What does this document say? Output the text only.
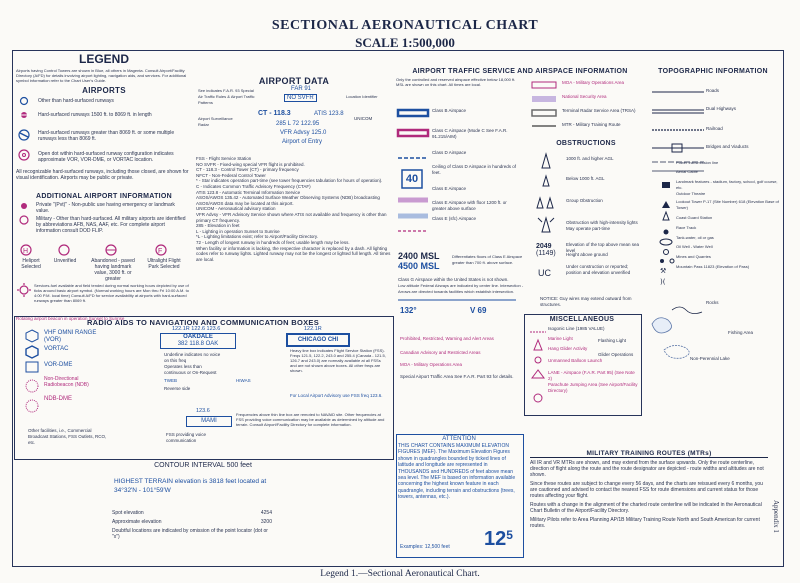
SECTIONAL AERONAUTICAL CHART
SCALE 1:500,000
LEGEND
Airports having Control Towers are shown in Blue, all others in Magenta. Consult Airport/Facility Directory (A/FD) for details involving airport lighting, navigation aids, and services. For additional symbol information refer to the Chart User's Guide.
AIRPORTS
Other than hard-surfaced runways
Hard-surfaced runways 1500 ft. to 8069 ft. in length
Hard-surfaced runways greater than 8069 ft. or some multiple runways less than 8069 ft.
Open dot within hard-surfaced runway configuration indicates approximate VOR, VOR-DME, or VORTAC location.
All recognizable hard-surfaced runways, including those closed, are shown for visual identification. Airports may be public or private.
ADDITIONAL AIRPORT INFORMATION
H	F
Private "(Pvt)" - Non-public use having emergency or landmark value.
Military - Other than hard-surfaced. All military airports are identified by abbreviations AFB, NAS, AAF, etc. For complete airport information consult DOD FLIP.
Heliport Selected
Unverified	Abandoned - paved having landmark value, 3000 ft. or greater
Ultralight Flight Park Selected
Services-fuel available and field tended during normal working hours depicted by use of ticks around basic airport symbol. (Normal working hours are Mon thru Fri 10:00 A.M. to 4:00 P.M. local time) Consult A/FD for service availability at airports with hard-surfaced runways greater than 8069 ft.
Rotating airport beacon in operation Sunset to Sunrise
AIRPORT DATA
See indicates F.A.R. 93 Special Air Traffic Rules & Airport Traffic Patterns
Airport Surveillance Radar
FAR 91
NO SVFR	Location Identifier
CT - 118.3	ATIS 123.8
285 L 72 122.95
UNICOM
VFR Advsy 125.0
Airport of Entry
FSS - Flight Service Station
NO SVFR - Fixed-wing special VFR flight is prohibited.
CT - 118.3 - Control Tower (CT) - primary frequency
NFCT - Non-Federal Control Tower
* - Star indicates operation part-time (see tower frequencies tabulation for hours of operation).
C - Indicates Common Traffic Advisory Frequency (CTAF)
ATIS 123.8 - Automatic Terminal Information Service
ASOS/AWOS 135.42 - Automated Surface Weather Observing Systems (NDB) broadcasting ASOS/AWOS data may be located at this airport.
UNICOM - Aeronautical advisory station
VFR Advsy - VFR Advisory Service shown where ATIS not available and frequency is other than primary CT frequency.
285 - Elevation in feet
L - Lighting in operation Sunset to Sunrise
*L - Lighting limitations exist; refer to Airport/Facility Directory.
72 - Length of longest runway in hundreds of feet; usable length may be less.
When facility or information is lacking, the respective character is replaced by a dash. All lighting codes refer to runway lights. Lighted runway may not be the longest or lighted full length. All times are local.
AIRPORT TRAFFIC SERVICE AND AIRSPACE INFORMATION
Only the controlled and reserved airspace effective below 18,000 ft. MSL are shown on this chart. All times are local.
40
Class B Airspace
Class C Airspace (Mode C See F.A.R. 91.215/AIM)
Class D Airspace
Ceiling of Class D Airspace in hundreds of feet.
Class E Airspace
Class E Airspace with floor 1200 ft. or greater above surface
Class E (sfc) Airspace
2400 MSL
4500 MSL
Differentiates floors of Class E Airspace greater than 700 ft. above surface.
Class G Airspace within the United States is not shown.
Low altitude Federal Airways are indicated by center line. Intersection - Arrows are directed towards facilities which establish intersection.
132°	V 69
MOA - Military Operations Area
National Security Area
Terminal Radar Service Area (TRSA)
MTR - Military Training Route
OBSTRUCTIONS
UC
2049
(1149)
1000 ft. and higher AGL
Below 1000 ft. AGL
Group Obstruction
Obstruction with high-intensity lights May operate part-time
Elevation of the top above mean sea level
Height above ground
Under construction or reported; position and elevation unverified
NOTICE: Guy wires may extend outward from structures.
TOPOGRAPHIC INFORMATION
⚒
)(
Roads
Dual Highways
Railroad
Bridges and Viaducts
Power transmission line
Aerial Cable
Landmark features - stadium, factory, school, golf course, etc.
Outdoor Theatre
Lookout Tower P-17 (Site Number) 618 (Elevation Base of Tower)
Coast Guard Station
Race Track
Tank-water, oil or gas
Oil Well - Water Well
Mines and Quarries
Mountain Pass 11823 (Elevation of Pass)
Rocks
Fishing Area
Non-Perennial Lake
RADIO AIDS TO NAVIGATION AND COMMUNICATION BOXES
VHF OMNI RANGE (VOR)
VORTAC
VOR-DME
Non-Directional Radiobeacon (NDB)
NDB-DME
Other facilities, i.e., Commercial Broadcast Stations, FSS Outlets, RCO, etc.
122.1R 122.6 123.6
OAKDALE
382 118.8 OAK
122.1R
CHICAGO CHI
Underline indicates no voice on this freq
Operates less than continuous or On-Request
TWEB
Reverse side
HIWAS
Heavy line box indicates Flight Service Station (FSS). Freqs 121.5, 122.2, 243.0 and 255.4 (Canada - 121.5, 126.7 and 243.0) are normally available at all FSSs and are not shown above boxes. All other freqs are shown.
For Local Airport Advisory use FSS freq 123.6.
123.6
MAMI
FSS providing voice communication
Frequencies above thin line box are remoted to NAVAID site. Other frequencies at FSS providing voice communication may be available as determined by altitude and terrain. Consult Airport/Facility Directory for complete information.
CONTOUR INTERVAL 500 feet
HIGHEST TERRAIN elevation is 3818 feet located at 34°32'N - 101°59'W
Spot elevation	4254
Approximate elevation	3200
Doubtful locations are indicated by omission of the point locator (dot or "x")
MISCELLANEOUS
Isogonic Line (1985 VALUE)
Marine Light
Hang Glider Activity
Unmanned Balloon Launch
LANE - Airspace (F.A.R. Part 95) (See Note 2)
Parachute Jumping Area (See Airport/Facility Directory)
Flashing Light
Glider Operations
Prohibited, Restricted, Warning and Alert Areas
Canadian Advisory and Restricted Areas
MOA - Military Operations Area
Special Airport Traffic Area See F.A.R. Part 93 for details.
ATTENTION
THIS CHART CONTAINS MAXIMUM ELEVATION FIGURES (MEF). The Maximum Elevation Figures shown in quadrangles bounded by ticked lines of latitude and longitude are represented in THOUSANDS and HUNDREDS of feet above mean sea level. The MEF is based on information available concerning the highest known feature in each quadrangle, including terrain and obstructions (trees, towers, antennas, etc.).
Examples: 12,500 feet $12^5$
MILITARY TRAINING ROUTES (MTRs)
All IR and VR MTRs are shown, and may extend from the surface upwards. Only the route centerline, direction of flight along the route and the route designator are depicted - route widths and altitudes are not shown.
Since these routes are subject to change every 56 days, and the charts are reissued every 6 months, you are cautioned and advised to contact the nearest FSS for route dimensions and current status for those routes affecting your flight.
Routes with a change in the alignment of the charted route centerline will be indicated in the Aeronautical Chart Bulletin of the Airport/Facility Directory.
Military Pilots refer to Area Planning AP/1B Military Training Route North and South American for current routes.	Appendix 1
Legend 1.—Sectional Aeronautical Chart.
